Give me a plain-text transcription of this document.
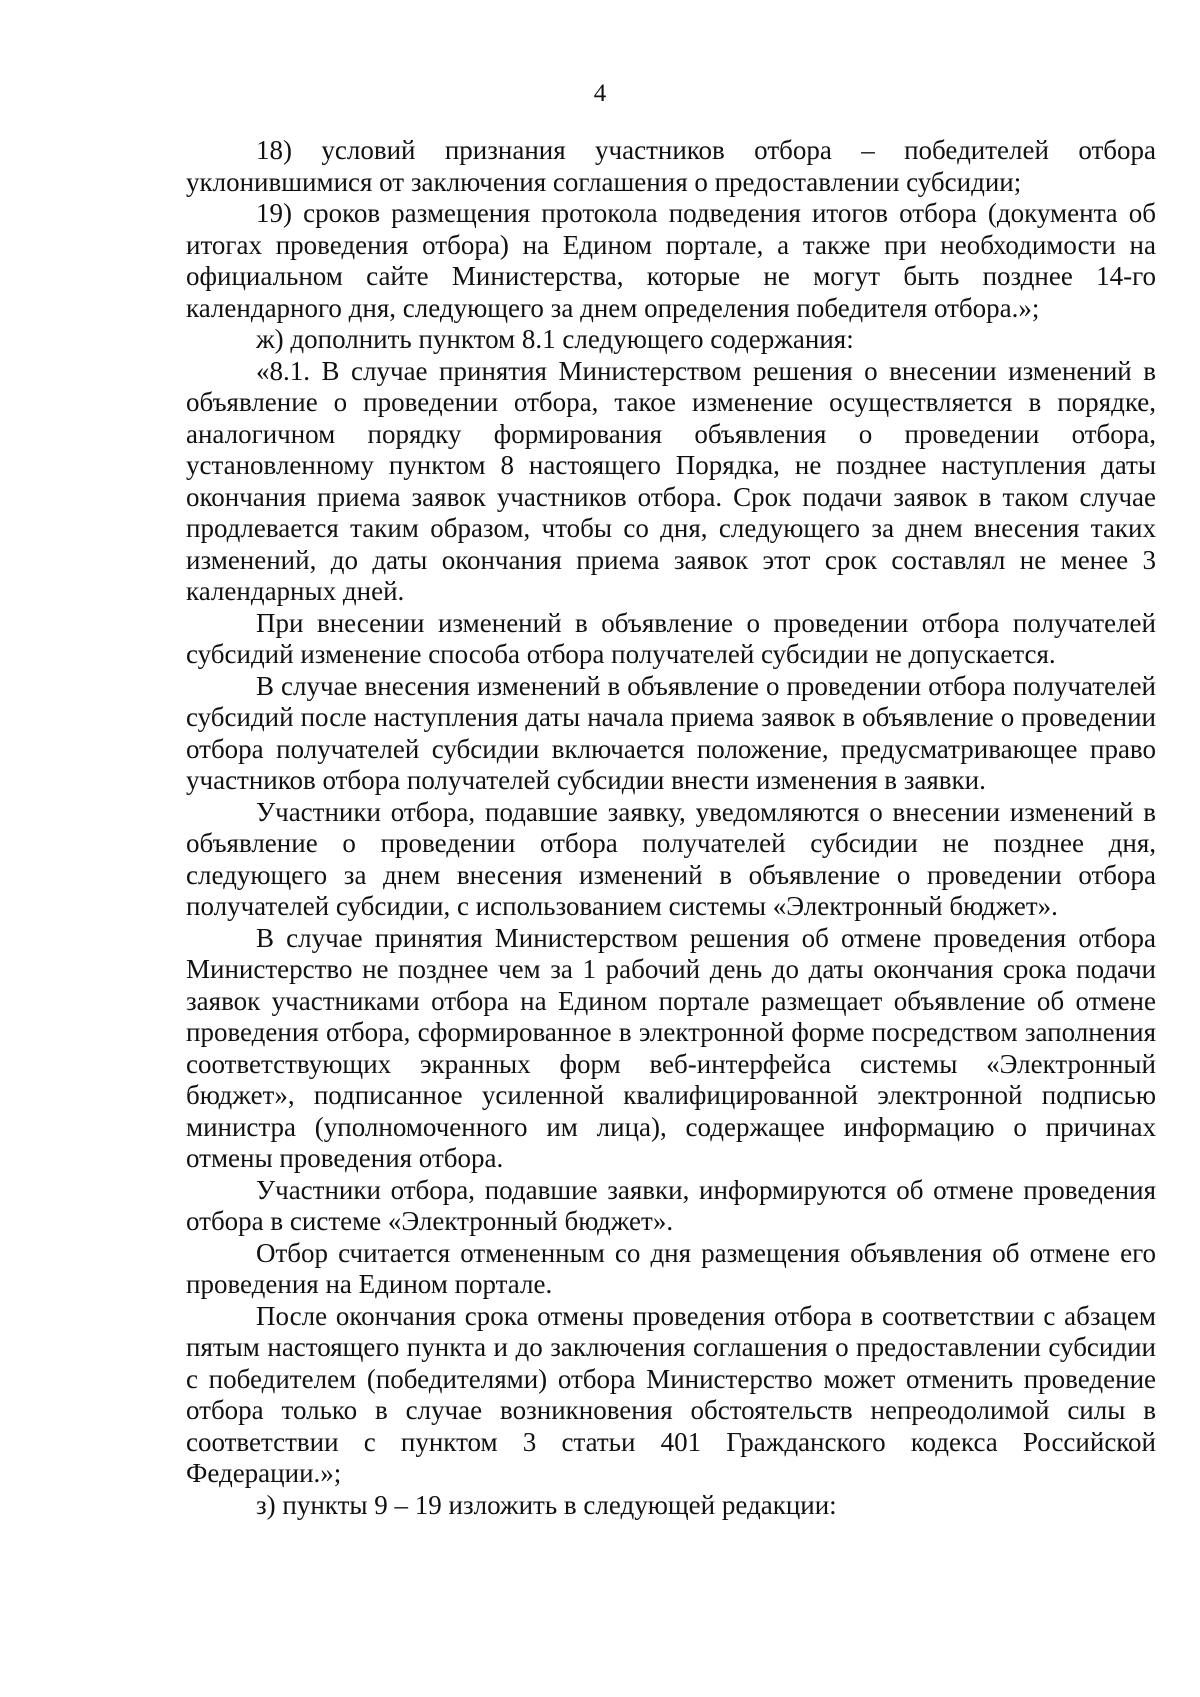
4

18) условий признания участников отбора – победителей отбора уклонившимися от заключения соглашения о предоставлении субсидии;

19) сроков размещения протокола подведения итогов отбора (документа об итогах проведения отбора) на Едином портале, а также при необходимости на официальном сайте Министерства, которые не могут быть позднее 14-го календарного дня, следующего за днем определения победителя отбора.»;

ж) дополнить пунктом 8.1 следующего содержания:

«8.1. В случае принятия Министерством решения о внесении изменений в объявление о проведении отбора, такое изменение осуществляется в порядке, аналогичном порядку формирования объявления о проведении отбора, установленному пунктом 8 настоящего Порядка, не позднее наступления даты окончания приема заявок участников отбора. Срок подачи заявок в таком случае продлевается таким образом, чтобы со дня, следующего за днем внесения таких изменений, до даты окончания приема заявок этот срок составлял не менее 3 календарных дней.

При внесении изменений в объявление о проведении отбора получателей субсидий изменение способа отбора получателей субсидии не допускается.

В случае внесения изменений в объявление о проведении отбора получателей субсидий после наступления даты начала приема заявок в объявление о проведении отбора получателей субсидии включается положение, предусматривающее право участников отбора получателей субсидии внести изменения в заявки.

Участники отбора, подавшие заявку, уведомляются о внесении изменений в объявление о проведении отбора получателей субсидии не позднее дня, следующего за днем внесения изменений в объявление о проведении отбора получателей субсидии, с использованием системы «Электронный бюджет».

В случае принятия Министерством решения об отмене проведения отбора Министерство не позднее чем за 1 рабочий день до даты окончания срока подачи заявок участниками отбора на Едином портале размещает объявление об отмене проведения отбора, сформированное в электронной форме посредством заполнения соответствующих экранных форм веб-интерфейса системы «Электронный бюджет», подписанное усиленной квалифицированной электронной подписью министра (уполномоченного им лица), содержащее информацию о причинах отмены проведения отбора.

Участники отбора, подавшие заявки, информируются об отмене проведения отбора в системе «Электронный бюджет».

Отбор считается отмененным со дня размещения объявления об отмене его проведения на Едином портале.

После окончания срока отмены проведения отбора в соответствии с абзацем пятым настоящего пункта и до заключения соглашения о предоставлении субсидии с победителем (победителями) отбора Министерство может отменить проведение отбора только в случае возникновения обстоятельств непреодолимой силы в соответствии с пунктом 3 статьи 401 Гражданского кодекса Российской Федерации.»;

з) пункты 9 – 19 изложить в следующей редакции:
